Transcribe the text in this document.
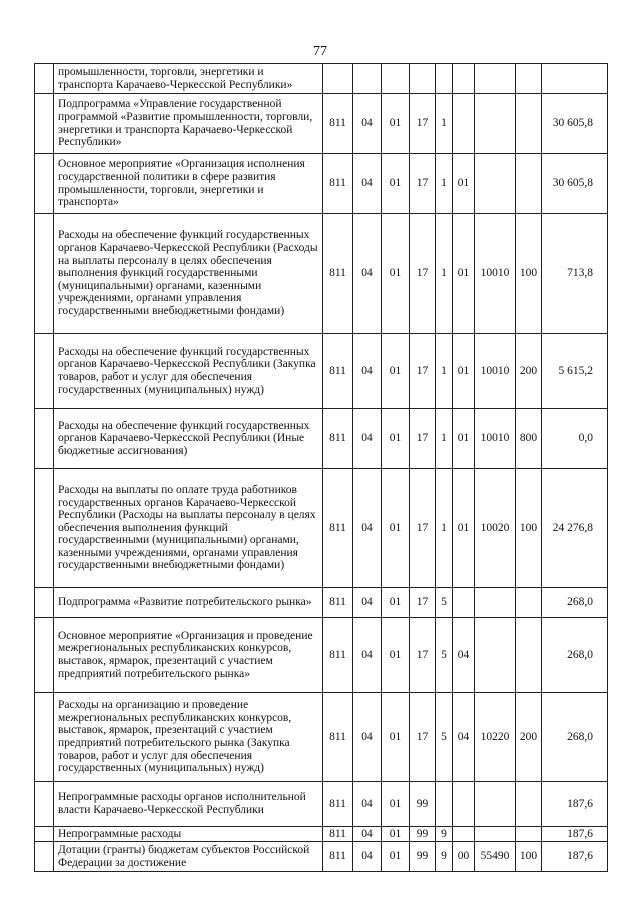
77
	промышленности, торговли, энергетики и транспорта Карачаево-Черкесской Республики»									
	Подпрограмма «Управление государственной программой «Развитие промышленности, торговли, энергетики и транспорта Карачаево-Черкесской Республики»	811	04	01	17	1				30 605,8
	Основное мероприятие «Организация исполнения государственной политики в сфере развития промышленности, торговли, энергетики и транспорта»	811	04	01	17	1	01			30 605,8
	Расходы на обеспечение функций государственных органов Карачаево-Черкесской Республики (Расходы на выплаты персоналу в целях обеспечения выполнения функций государственными (муниципальными) органами, казенными учреждениями, органами управления государственными внебюджетными фондами)	811	04	01	17	1	01	10010	100	713,8
	Расходы на обеспечение функций государственных органов Карачаево-Черкесской Республики (Закупка товаров, работ и услуг для обеспечения государственных (муниципальных) нужд)	811	04	01	17	1	01	10010	200	5 615,2
	Расходы на обеспечение функций государственных органов Карачаево-Черкесской Республики (Иные бюджетные ассигнования)	811	04	01	17	1	01	10010	800	0,0
	Расходы на выплаты по оплате труда работников государственных органов Карачаево-Черкесской Республики (Расходы на выплаты персоналу в целях обеспечения выполнения функций государственными (муниципальными) органами, казенными учреждениями, органами управления государственными внебюджетными фондами)	811	04	01	17	1	01	10020	100	24 276,8
	Подпрограмма «Развитие потребительского рынка»	811	04	01	17	5				268,0
	Основное мероприятие «Организация и проведение межрегиональных республиканских конкурсов, выставок, ярмарок, презентаций с участием предприятий потребительского рынка»	811	04	01	17	5	04			268,0
	Расходы на организацию и проведение межрегиональных республиканских конкурсов, выставок, ярмарок, презентаций с участием предприятий потребительского рынка (Закупка товаров, работ и услуг для обеспечения государственных (муниципальных) нужд)	811	04	01	17	5	04	10220	200	268,0
	Непрограммные расходы органов исполнительной власти Карачаево-Черкесской Республики	811	04	01	99					187,6
	Непрограммные расходы	811	04	01	99	9				187,6
	Дотации (гранты) бюджетам субъектов Российской Федерации за достижение	811	04	01	99	9	00	55490	100	187,6
